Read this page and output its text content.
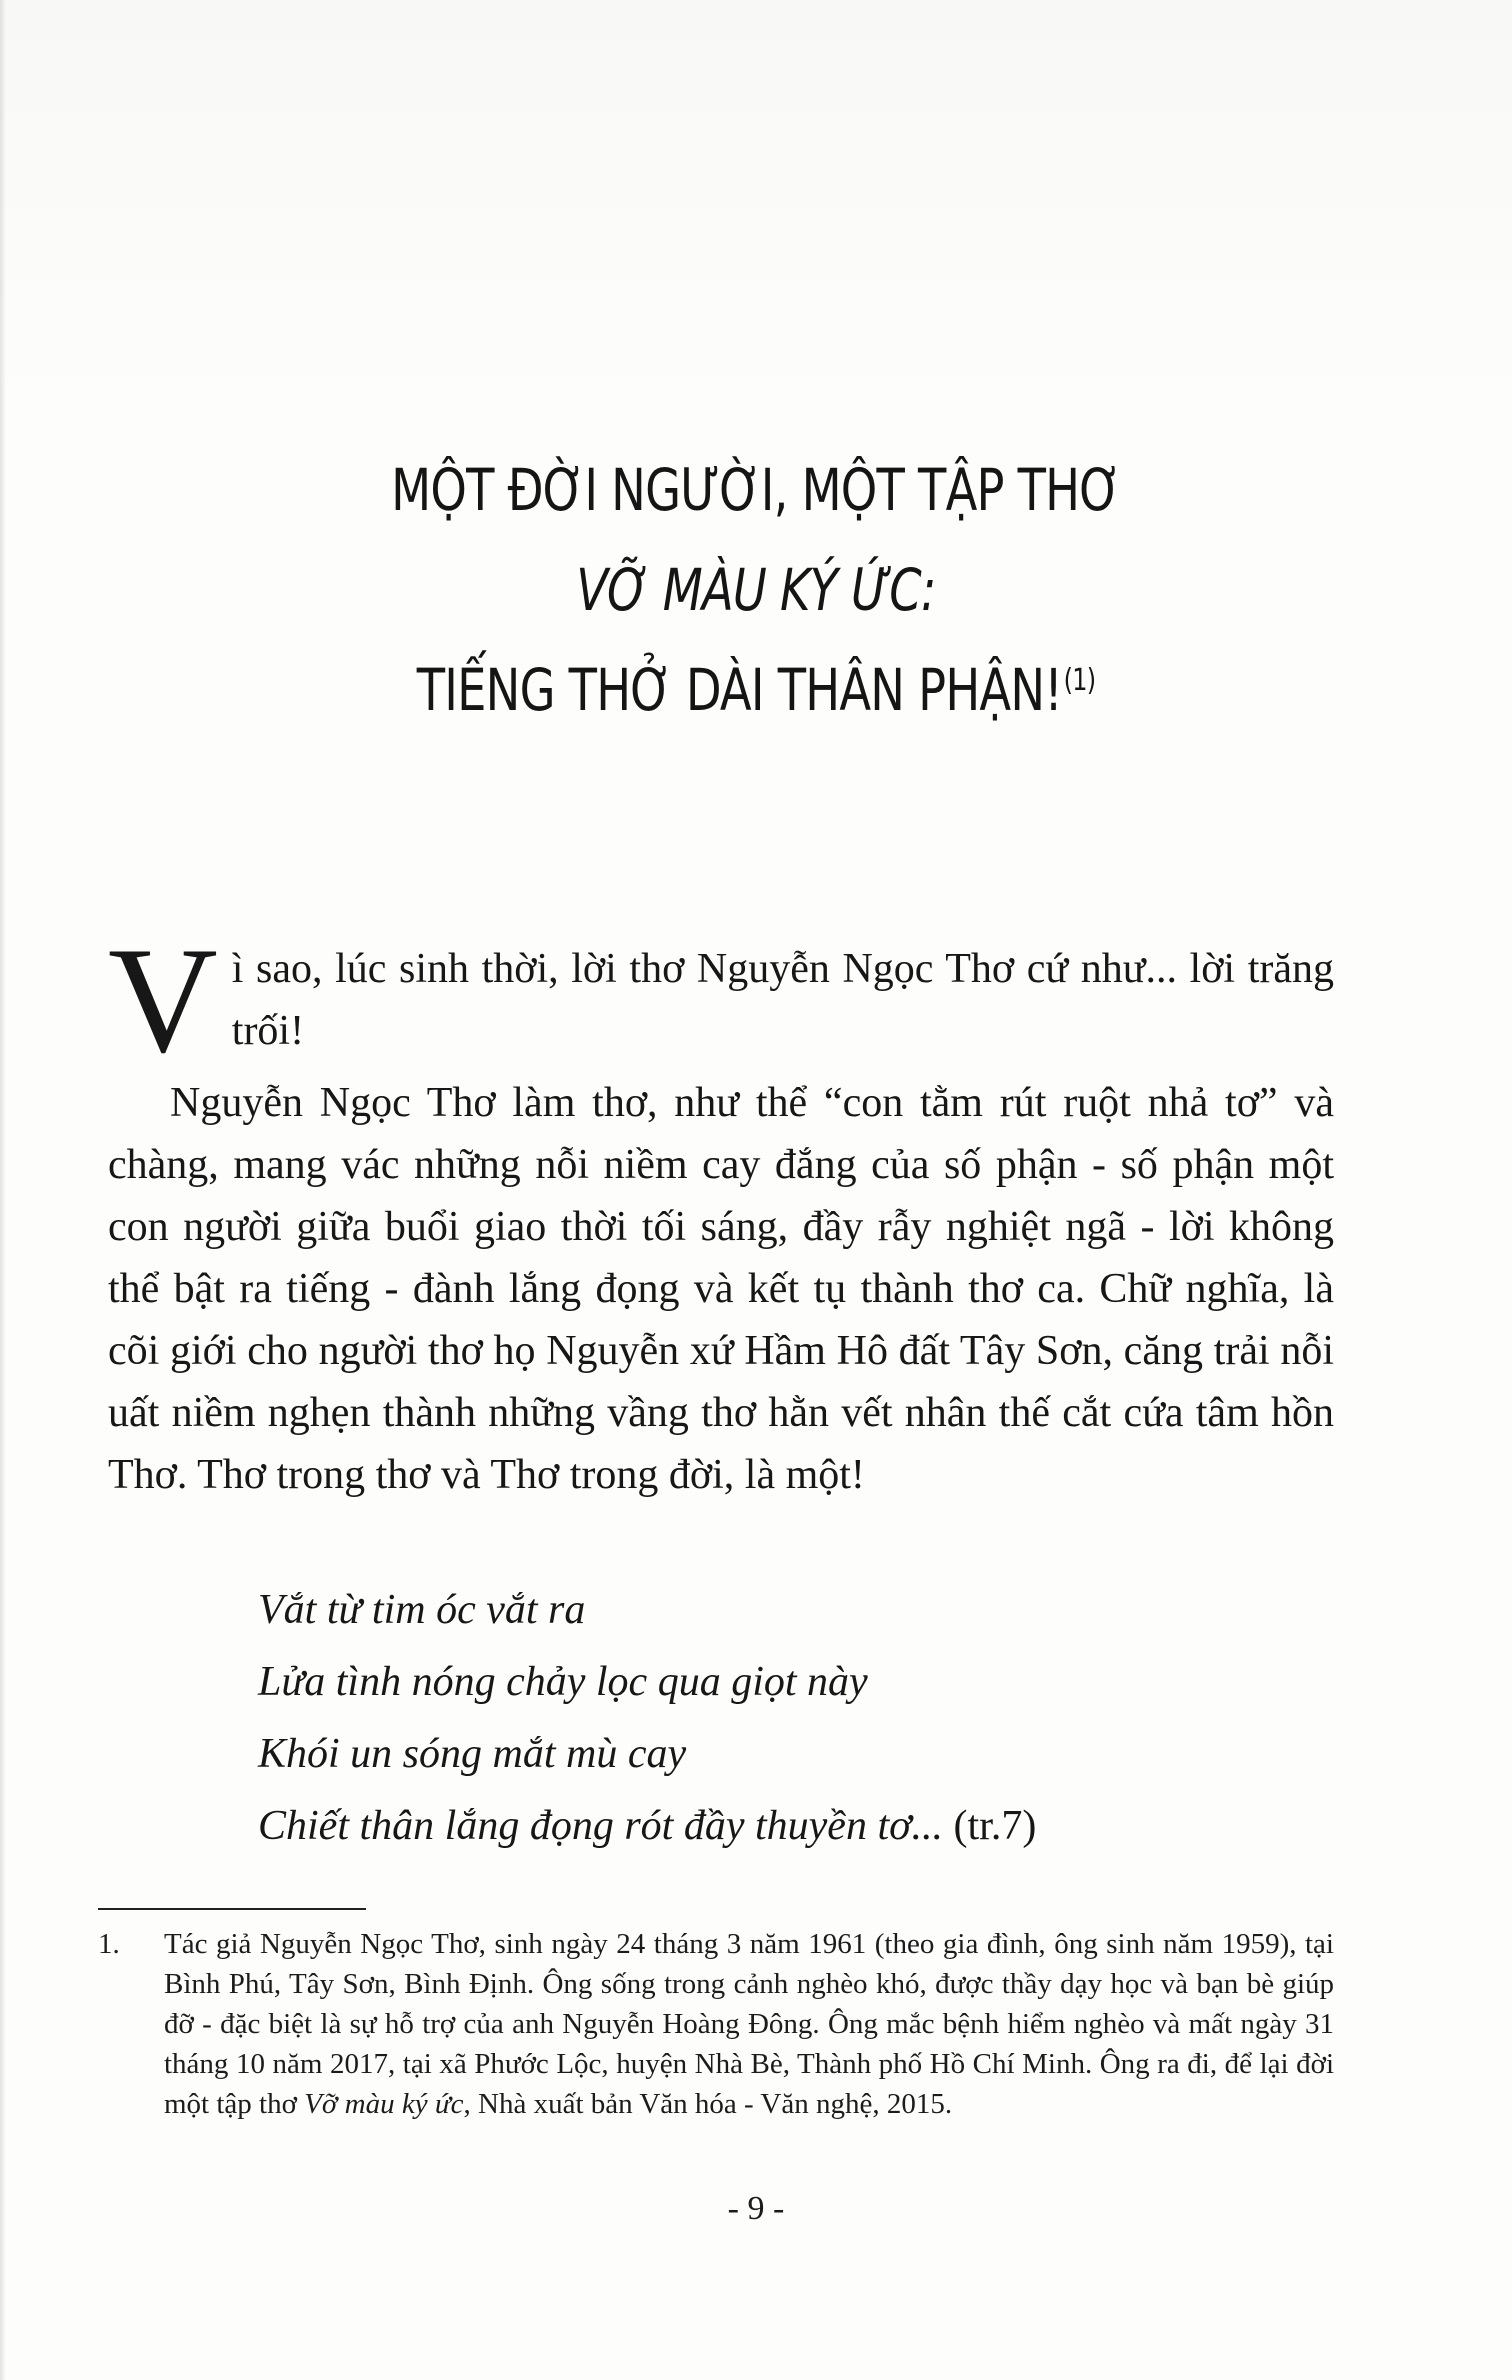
MỘT ĐỜI NGƯỜI, MỘT TẬP THƠ
VỠ MÀU KÝ ỨC:
TIẾNG THỞ DÀI THÂN PHẬN!$^{(1)}$

Vì sao, lúc sinh thời, lời thơ Nguyễn Ngọc Thơ cứ như... lời trăng trối!

Nguyễn Ngọc Thơ làm thơ, như thể “con tằm rút ruột nhả tơ” và chàng, mang vác những nỗi niềm cay đắng của số phận - số phận một con người giữa buổi giao thời tối sáng, đầy rẫy nghiệt ngã - lời không thể bật ra tiếng - đành lắng đọng và kết tụ thành thơ ca. Chữ nghĩa, là cõi giới cho người thơ họ Nguyễn xứ Hầm Hô đất Tây Sơn, căng trải nỗi uất niềm nghẹn thành những vầng thơ hằn vết nhân thế cắt cứa tâm hồn Thơ. Thơ trong thơ và Thơ trong đời, là một!

Vắt từ tim óc vắt ra
Lửa tình nóng chảy lọc qua giọt này
Khói un sóng mắt mù cay
Chiết thân lắng đọng rót đầy thuyền tơ... (tr.7)
1.	Tác giả Nguyễn Ngọc Thơ, sinh ngày 24 tháng 3 năm 1961 (theo gia đình, ông sinh năm 1959), tại Bình Phú, Tây Sơn, Bình Định. Ông sống trong cảnh nghèo khó, được thầy dạy học và bạn bè giúp đỡ - đặc biệt là sự hỗ trợ của anh Nguyễn Hoàng Đông. Ông mắc bệnh hiểm nghèo và mất ngày 31 tháng 10 năm 2017, tại xã Phước Lộc, huyện Nhà Bè, Thành phố Hồ Chí Minh. Ông ra đi, để lại đời một tập thơ Vỡ màu ký ức, Nhà xuất bản Văn hóa - Văn nghệ, 2015.
- 9 -
